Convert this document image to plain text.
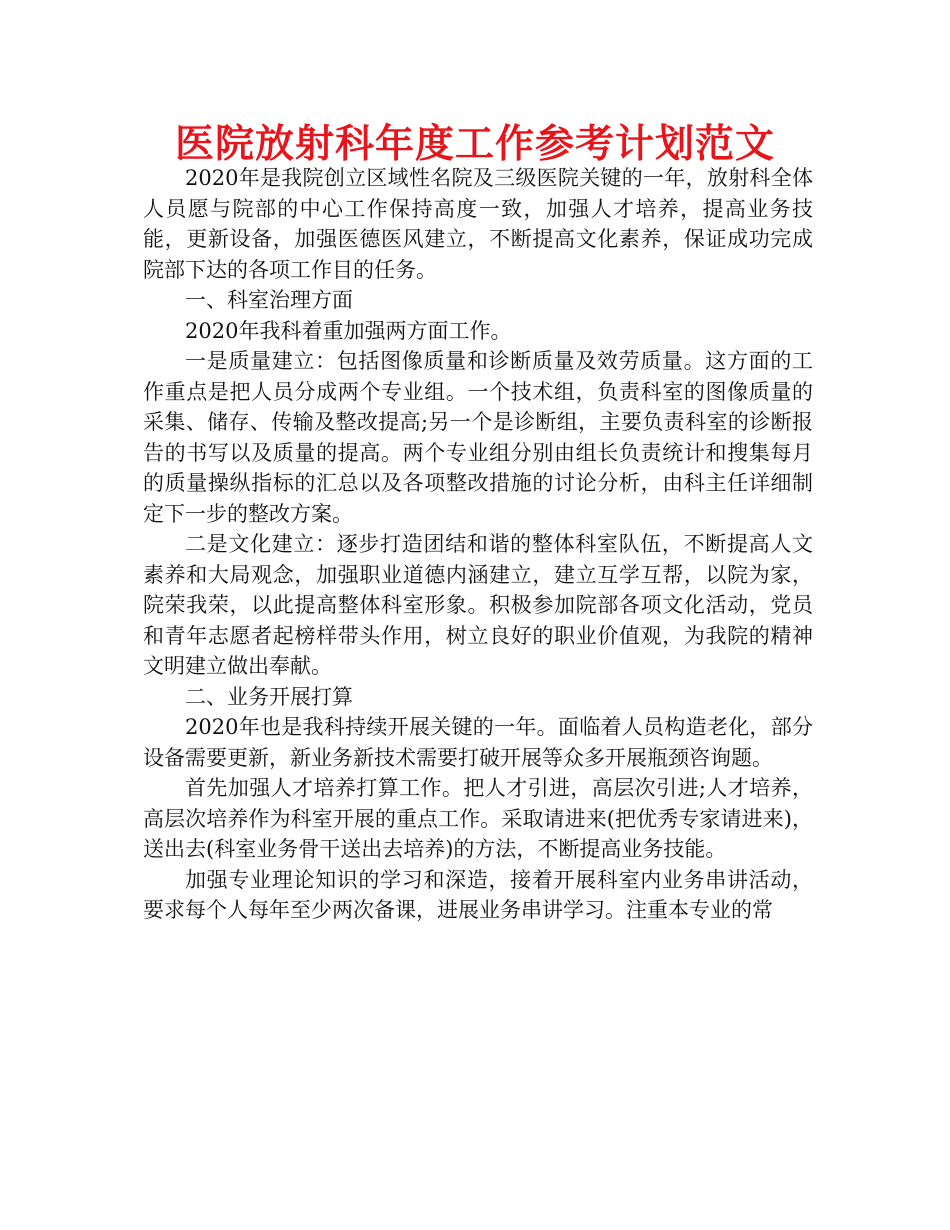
医院放射科年度工作参考计划范文

2020年是我院创立区域性名院及三级医院关键的一年，放射科全体人员愿与院部的中心工作保持高度一致，加强人才培养，提高业务技能，更新设备，加强医德医风建立，不断提高文化素养，保证成功完成院部下达的各项工作目的任务。

一、科室治理方面

2020年我科着重加强两方面工作。

一是质量建立：包括图像质量和诊断质量及效劳质量。这方面的工作重点是把人员分成两个专业组。一个技术组，负责科室的图像质量的采集、储存、传输及整改提高;另一个是诊断组，主要负责科室的诊断报告的书写以及质量的提高。两个专业组分别由组长负责统计和搜集每月的质量操纵指标的汇总以及各项整改措施的讨论分析，由科主任详细制定下一步的整改方案。

二是文化建立：逐步打造团结和谐的整体科室队伍，不断提高人文素养和大局观念，加强职业道德内涵建立，建立互学互帮，以院为家，院荣我荣，以此提高整体科室形象。积极参加院部各项文化活动，党员和青年志愿者起榜样带头作用，树立良好的职业价值观，为我院的精神文明建立做出奉献。

二、业务开展打算

2020年也是我科持续开展关键的一年。面临着人员构造老化，部分设备需要更新，新业务新技术需要打破开展等众多开展瓶颈咨询题。

首先加强人才培养打算工作。把人才引进，高层次引进;人才培养，高层次培养作为科室开展的重点工作。采取请进来(把优秀专家请进来)，送出去(科室业务骨干送出去培养)的方法，不断提高业务技能。

加强专业理论知识的学习和深造，接着开展科室内业务串讲活动，要求每个人每年至少两次备课，进展业务串讲学习。注重本专业的常
